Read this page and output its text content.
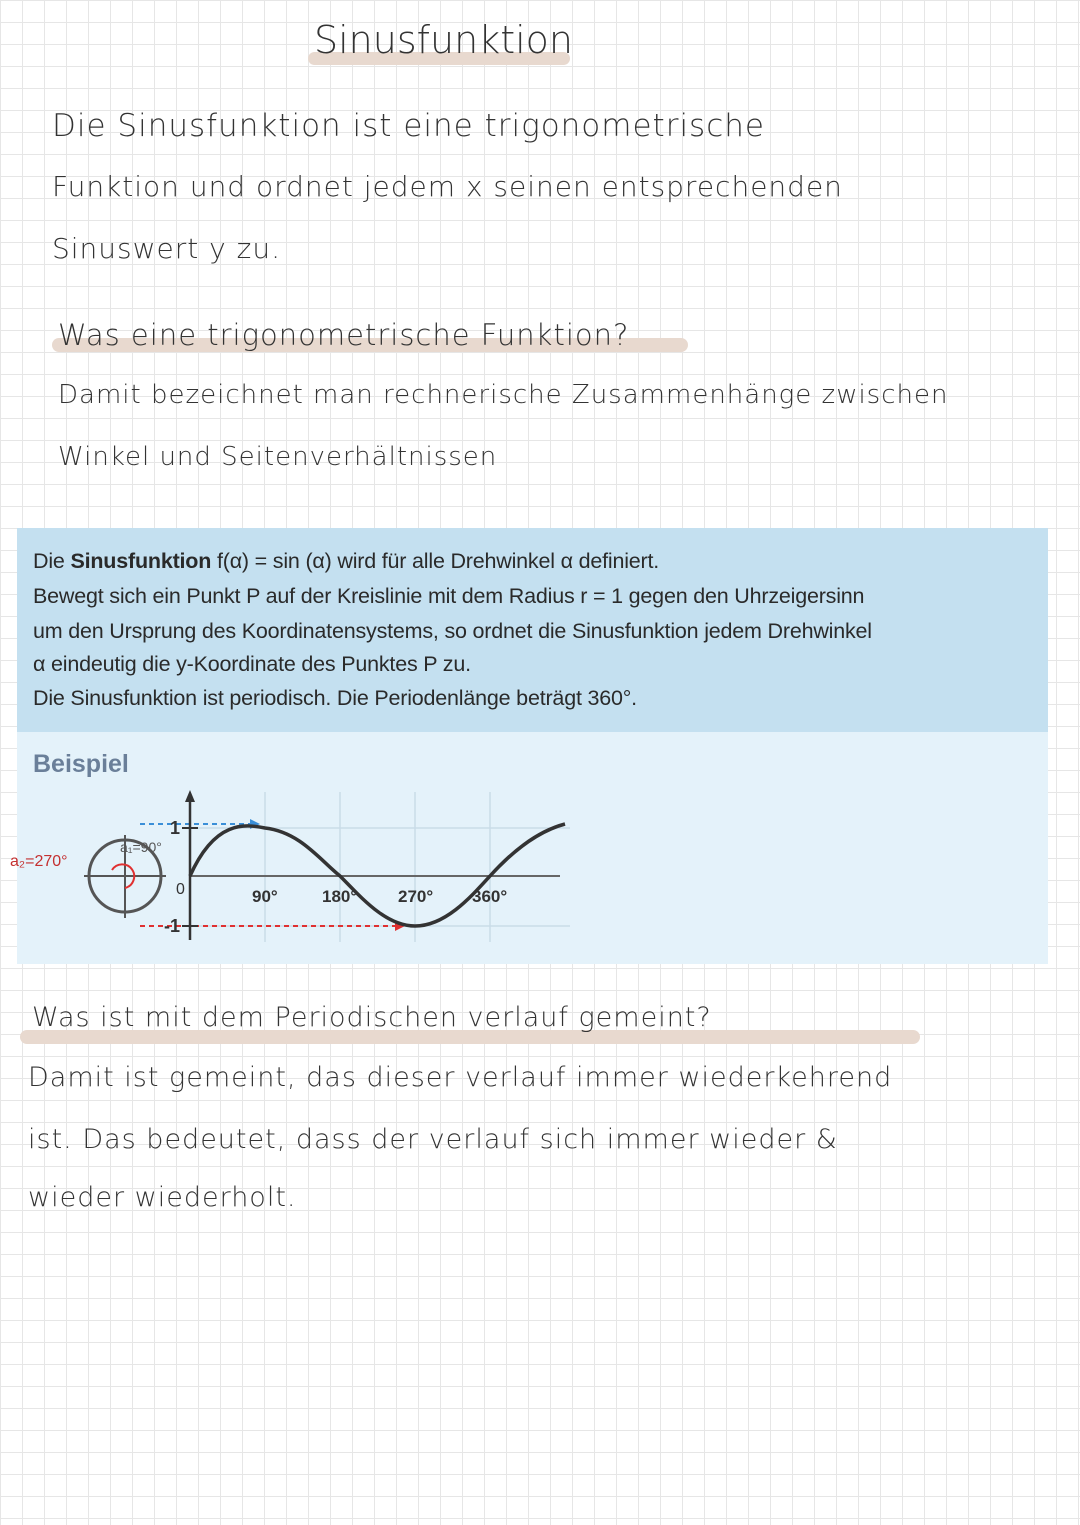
Sinusfunktion
Die Sinusfunktion ist eine trigonometrische
Funktion und ordnet jedem x seinen entsprechenden
Sinuswert y zu.
Was eine trigonometrische Funktion?
Damit bezeichnet man rechnerische Zusammenhänge zwischen
Winkel und Seitenverhältnissen
Die Sinusfunktion f(α) = sin (α) wird für alle Drehwinkel α definiert.
Bewegt sich ein Punkt P auf der Kreislinie mit dem Radius r = 1 gegen den Uhrzeigersinn
um den Ursprung des Koordinatensystems, so ordnet die Sinusfunktion jedem Drehwinkel
α eindeutig die y-Koordinate des Punktes P zu.
Die Sinusfunktion ist periodisch. Die Periodenlänge beträgt 360°.
Beispiel
1
-1
0
a₂=270°
a₁=90°
90°	180° 270° 360°
Was ist mit dem Periodischen verlauf gemeint?
Damit ist gemeint, das dieser verlauf immer wiederkehrend
ist. Das bedeutet, dass der verlauf sich immer wieder &
wieder wiederholt.
